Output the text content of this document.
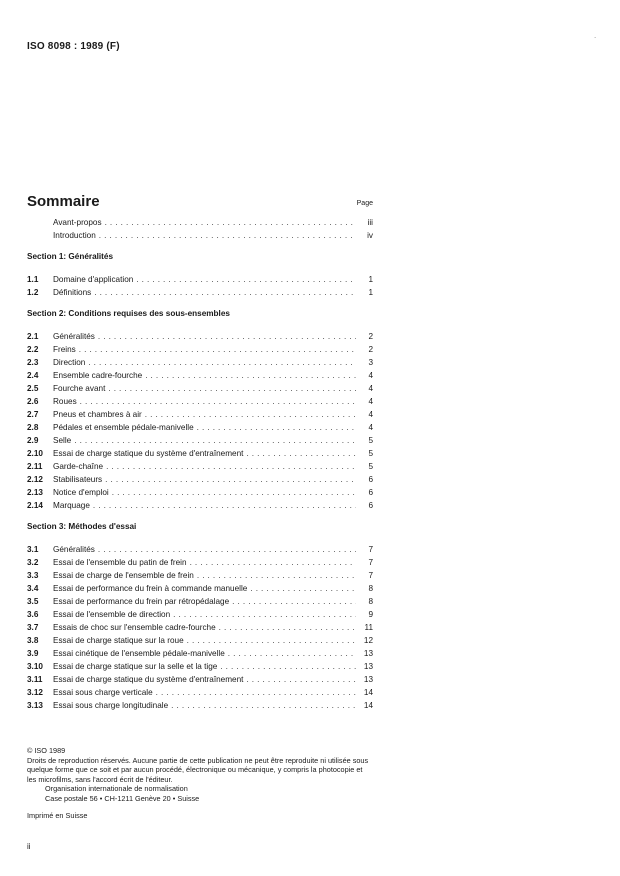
ISO 8098 : 1989 (F)
.
Sommaire	Page
Avant-propos . . .	iii
Introduction . . .	iv
Section 1: Généralités
1.1	Domaine d'application . . .	1
1.2	Définitions . . .	1
Section 2: Conditions requises des sous-ensembles
2.1	Généralités . . .	2
2.2	Freins . . .	2
2.3	Direction . . .	3
2.4	Ensemble cadre-fourche . . .	4
2.5	Fourche avant . . .	4
2.6	Roues . . .	4
2.7	Pneus et chambres à air . . .	4
2.8	Pédales et ensemble pédale-manivelle . . .	4
2.9	Selle . . .	5
2.10	Essai de charge statique du système d'entraînement . . .	5
2.11	Garde-chaîne . . .	5
2.12	Stabilisateurs . . .	6
2.13	Notice d'emploi . . .	6
2.14	Marquage . . .	6
Section 3: Méthodes d'essai
3.1	Généralités . . .	7
3.2	Essai de l'ensemble du patin de frein . . .	7
3.3	Essai de charge de l'ensemble de frein . . .	7
3.4	Essai de performance du frein à commande manuelle . . .	8
3.5	Essai de performance du frein par rétropédalage . . .	8
3.6	Essai de l'ensemble de direction . . .	9
3.7	Essais de choc sur l'ensemble cadre-fourche . . .	11
3.8	Essai de charge statique sur la roue . . .	12
3.9	Essai cinétique de l'ensemble pédale-manivelle . . .	13
3.10	Essai de charge statique sur la selle et la tige . . .	13
3.11	Essai de charge statique du système d'entraînement . . .	13
3.12	Essai sous charge verticale . . .	14
3.13	Essai sous charge longitudinale . . .	14
© ISO 1989
Droits de reproduction réservés. Aucune partie de cette publication ne peut être reproduite ni utilisée sous quelque forme que ce soit et par aucun procédé, électronique ou mécanique, y compris la photocopie et les microfilms, sans l'accord écrit de l'éditeur.
Organisation internationale de normalisation
Case postale 56 • CH-1211 Genève 20 • Suisse
Imprimé en Suisse
ii
